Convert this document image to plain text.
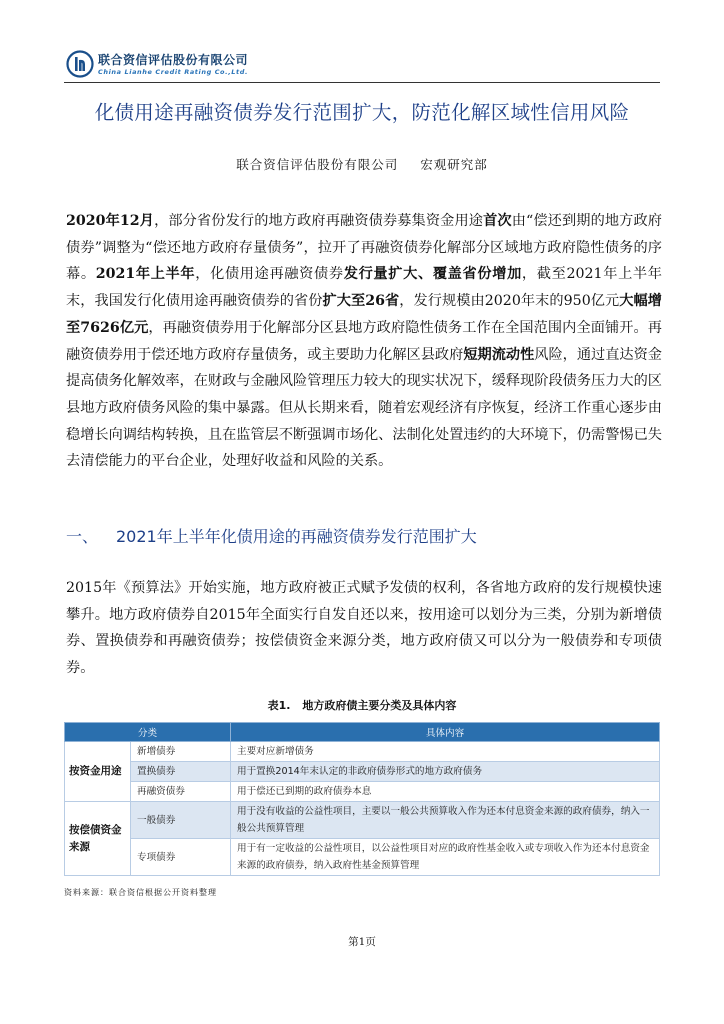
联合资信评估股份有限公司
China Lianhe Credit Rating Co.,Ltd.
化债用途再融资债券发行范围扩大，防范化解区域性信用风险
联合资信评估股份有限公司 宏观研究部

2020年12月，部分省份发行的地方政府再融资债券募集资金用途首次由“偿还到期的地方政府债券”调整为“偿还地方政府存量债务”，拉开了再融资债券化解部分区域地方政府隐性债务的序幕。2021年上半年，化债用途再融资债券发行量扩大、覆盖省份增加，截至2021年上半年末，我国发行化债用途再融资债券的省份扩大至26省，发行规模由2020年末的950亿元大幅增至7626亿元，再融资债券用于化解部分区县地方政府隐性债务工作在全国范围内全面铺开。再融资债券用于偿还地方政府存量债务，或主要助力化解区县政府短期流动性风险，通过直达资金提高债务化解效率，在财政与金融风险管理压力较大的现实状况下，缓释现阶段债务压力大的区县地方政府债务风险的集中暴露。但从长期来看，随着宏观经济有序恢复，经济工作重心逐步由稳增长向调结构转换，且在监管层不断强调市场化、法制化处置违约的大环境下，仍需警惕已失去清偿能力的平台企业，处理好收益和风险的关系。

一、 2021年上半年化债用途的再融资债券发行范围扩大

2015年《预算法》开始实施，地方政府被正式赋予发债的权利，各省地方政府的发行规模快速攀升。地方政府债券自2015年全面实行自发自还以来，按用途可以划分为三类，分别为新增债券、置换债券和再融资债券；按偿债资金来源分类，地方政府债又可以分为一般债券和专项债券。

表1. 地方政府债主要分类及具体内容
分类		具体内容
按资金用途	新增债券	主要对应新增债务
	置换债券	用于置换2014年末认定的非政府债券形式的地方政府债务
	再融资债券	用于偿还已到期的政府债券本息
按偿债资金来源	一般债券	用于没有收益的公益性项目，主要以一般公共预算收入作为还本付息资金来源的政府债券，纳入一般公共预算管理
	专项债券	用于有一定收益的公益性项目，以公益性项目对应的政府性基金收入或专项收入作为还本付息资金来源的政府债券，纳入政府性基金预算管理
资料来源：联合资信根据公开资料整理
第1页
